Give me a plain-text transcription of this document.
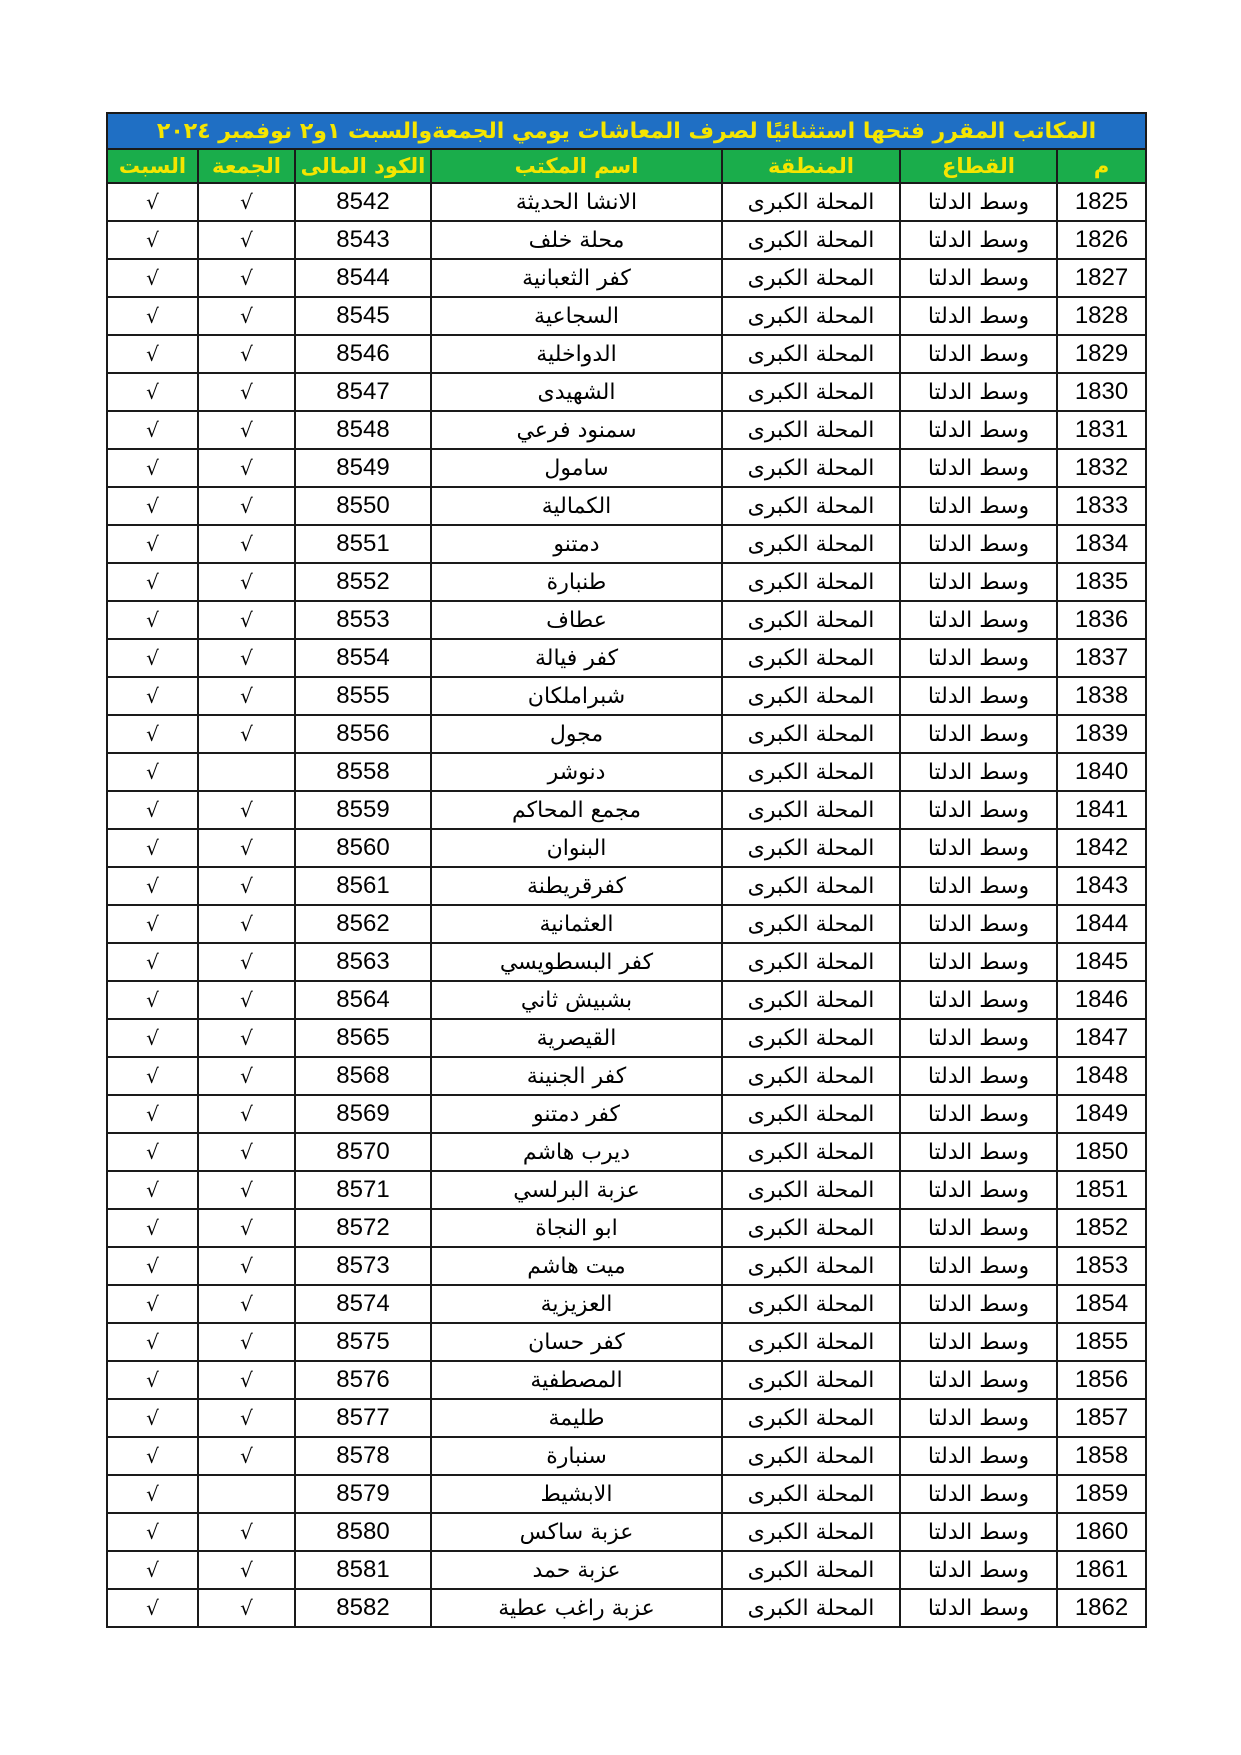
المكاتب المقرر فتحها استثنائيًا لصرف المعاشات يومي الجمعةوالسبت ١و٢ نوفمبر ٢٠٢٤						
السبت	الجمعة	الكود المالى	اسم المكتب	المنطقة	القطاع	م
√	√	8542	الانشا الحديثة	المحلة الكبرى	وسط الدلتا	1825
√	√	8543	محلة خلف	المحلة الكبرى	وسط الدلتا	1826
√	√	8544	كفر الثعبانية	المحلة الكبرى	وسط الدلتا	1827
√	√	8545	السجاعية	المحلة الكبرى	وسط الدلتا	1828
√	√	8546	الدواخلية	المحلة الكبرى	وسط الدلتا	1829
√	√	8547	الشهيدى	المحلة الكبرى	وسط الدلتا	1830
√	√	8548	سمنود فرعي	المحلة الكبرى	وسط الدلتا	1831
√	√	8549	سامول	المحلة الكبرى	وسط الدلتا	1832
√	√	8550	الكمالية	المحلة الكبرى	وسط الدلتا	1833
√	√	8551	دمتنو	المحلة الكبرى	وسط الدلتا	1834
√	√	8552	طنبارة	المحلة الكبرى	وسط الدلتا	1835
√	√	8553	عطاف	المحلة الكبرى	وسط الدلتا	1836
√	√	8554	كفر فيالة	المحلة الكبرى	وسط الدلتا	1837
√	√	8555	شبراملكان	المحلة الكبرى	وسط الدلتا	1838
√	√	8556	مجول	المحلة الكبرى	وسط الدلتا	1839
√		8558	دنوشر	المحلة الكبرى	وسط الدلتا	1840
√	√	8559	مجمع المحاكم	المحلة الكبرى	وسط الدلتا	1841
√	√	8560	البنوان	المحلة الكبرى	وسط الدلتا	1842
√	√	8561	كفرقريطنة	المحلة الكبرى	وسط الدلتا	1843
√	√	8562	العثمانية	المحلة الكبرى	وسط الدلتا	1844
√	√	8563	كفر البسطويسي	المحلة الكبرى	وسط الدلتا	1845
√	√	8564	بشبيش ثاني	المحلة الكبرى	وسط الدلتا	1846
√	√	8565	القيصرية	المحلة الكبرى	وسط الدلتا	1847
√	√	8568	كفر الجنينة	المحلة الكبرى	وسط الدلتا	1848
√	√	8569	كفر دمتنو	المحلة الكبرى	وسط الدلتا	1849
√	√	8570	ديرب هاشم	المحلة الكبرى	وسط الدلتا	1850
√	√	8571	عزبة البرلسي	المحلة الكبرى	وسط الدلتا	1851
√	√	8572	ابو النجاة	المحلة الكبرى	وسط الدلتا	1852
√	√	8573	ميت هاشم	المحلة الكبرى	وسط الدلتا	1853
√	√	8574	العزيزية	المحلة الكبرى	وسط الدلتا	1854
√	√	8575	كفر حسان	المحلة الكبرى	وسط الدلتا	1855
√	√	8576	المصطفية	المحلة الكبرى	وسط الدلتا	1856
√	√	8577	طليمة	المحلة الكبرى	وسط الدلتا	1857
√	√	8578	سنبارة	المحلة الكبرى	وسط الدلتا	1858
√		8579	الابشيط	المحلة الكبرى	وسط الدلتا	1859
√	√	8580	عزبة ساكس	المحلة الكبرى	وسط الدلتا	1860
√	√	8581	عزبة حمد	المحلة الكبرى	وسط الدلتا	1861
√	√	8582	عزبة راغب عطية	المحلة الكبرى	وسط الدلتا	1862
